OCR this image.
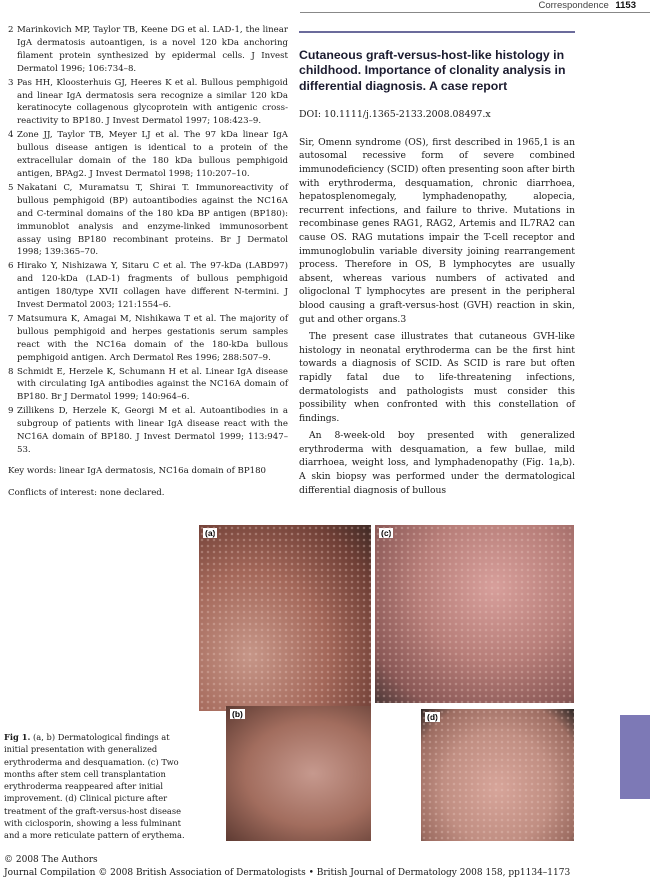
Correspondence 1153
2 Marinkovich MP, Taylor TB, Keene DG et al. LAD-1, the linear IgA dermatosis autoantigen, is a novel 120 kDa anchoring filament protein synthesized by epidermal cells. J Invest Dermatol 1996; 106:734–8.
3 Pas HH, Kloosterhuis GJ, Heeres K et al. Bullous pemphigoid and linear IgA dermatosis sera recognize a similar 120 kDa keratinocyte collagenous glycoprotein with antigenic cross-reactivity to BP180. J Invest Dermatol 1997; 108:423–9.
4 Zone JJ, Taylor TB, Meyer LJ et al. The 97 kDa linear IgA bullous disease antigen is identical to a protein of the extracellular domain of the 180 kDa bullous pemphigoid antigen, BPAg2. J Invest Dermatol 1998; 110:207–10.
5 Nakatani C, Muramatsu T, Shirai T. Immunoreactivity of bullous pemphigoid (BP) autoantibodies against the NC16A and C-terminal domains of the 180 kDa BP antigen (BP180): immunoblot analysis and enzyme-linked immunosorbent assay using BP180 recombinant proteins. Br J Dermatol 1998; 139:365–70.
6 Hirako Y, Nishizawa Y, Sitaru C et al. The 97-kDa (LABD97) and 120-kDa (LAD-1) fragments of bullous pemphigoid antigen 180/type XVII collagen have different N-termini. J Invest Dermatol 2003; 121:1554–6.
7 Matsumura K, Amagai M, Nishikawa T et al. The majority of bullous pemphigoid and herpes gestationis serum samples react with the NC16a domain of the 180-kDa bullous pemphigoid antigen. Arch Dermatol Res 1996; 288:507–9.
8 Schmidt E, Herzele K, Schumann H et al. Linear IgA disease with circulating IgA antibodies against the NC16A domain of BP180. Br J Dermatol 1999; 140:964–6.
9 Zillikens D, Herzele K, Georgi M et al. Autoantibodies in a subgroup of patients with linear IgA disease react with the NC16A domain of BP180. J Invest Dermatol 1999; 113:947–53.
Key words: linear IgA dermatosis, NC16a domain of BP180
Conflicts of interest: none declared.
Cutaneous graft-versus-host-like histology in childhood. Importance of clonality analysis in differential diagnosis. A case report
DOI: 10.1111/j.1365-2133.2008.08497.x
Sir, Omenn syndrome (OS), first described in 1965,1 is an autosomal recessive form of severe combined immunodeficiency (SCID) often presenting soon after birth with erythroderma, desquamation, chronic diarrhoea, hepatosplenomegaly, lymphadenopathy, alopecia, recurrent infections, and failure to thrive. Mutations in recombinase genes RAG1, RAG2, Artemis and IL7RA2 can cause OS. RAG mutations impair the T-cell receptor and immunoglobulin variable diversity joining rearrangement process. Therefore in OS, B lymphocytes are usually absent, whereas various numbers of activated and oligoclonal T lymphocytes are present in the peripheral blood causing a graft-versus-host (GVH) reaction in skin, gut and other organs.3
The present case illustrates that cutaneous GVH-like histology in neonatal erythroderma can be the first hint towards a diagnosis of SCID. As SCID is rare but often rapidly fatal due to life-threatening infections, dermatologists and pathologists must consider this possibility when confronted with this constellation of findings.
An 8-week-old boy presented with generalized erythroderma with desquamation, a few bullae, mild diarrhoea, weight loss, and lymphadenopathy (Fig. 1a,b). A skin biopsy was performed under the dermatological differential diagnosis of bullous
(a)
(b)
(c)
(d)
Fig 1. (a, b) Dermatological findings at initial presentation with generalized erythroderma and desquamation. (c) Two months after stem cell transplantation erythroderma reappeared after initial improvement. (d) Clinical picture after treatment of the graft-versus-host disease with ciclosporin, showing a less fulminant and a more reticulate pattern of erythema.
© 2008 The Authors
Journal Compilation © 2008 British Association of Dermatologists • British Journal of Dermatology 2008 158, pp1134–1173
